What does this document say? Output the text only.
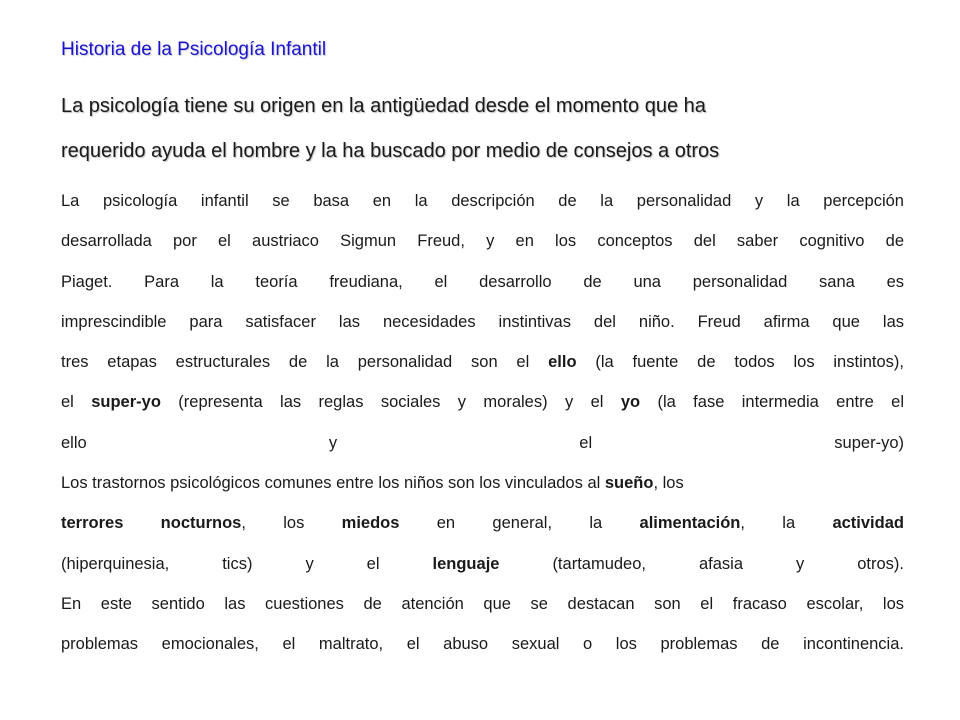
Historia de la Psicología Infantil
La psicología tiene su origen en la antigüedad desde el momento que ha
requerido ayuda el hombre y la ha buscado por medio de consejos a otros
La psicología infantil se basa en la descripción de la personalidad y la percepción
desarrollada por el austriaco Sigmun Freud, y en los conceptos del saber cognitivo de
Piaget. Para la teoría freudiana, el desarrollo de una personalidad sana es
imprescindible para satisfacer las necesidades instintivas del niño. Freud afirma que las
tres etapas estructurales de la personalidad son el ello (la fuente de todos los instintos),
el super-yo (representa las reglas sociales y morales) y el yo (la fase intermedia entre el
ello y el super-yo)
Los trastornos psicológicos comunes entre los niños son los vinculados al sueño, los
terrores nocturnos, los miedos en general, la alimentación, la actividad
(hiperquinesia, tics) y el lenguaje (tartamudeo, afasia y otros).
En este sentido las cuestiones de atención que se destacan son el fracaso escolar, los
problemas emocionales, el maltrato, el abuso sexual o los problemas de incontinencia.
